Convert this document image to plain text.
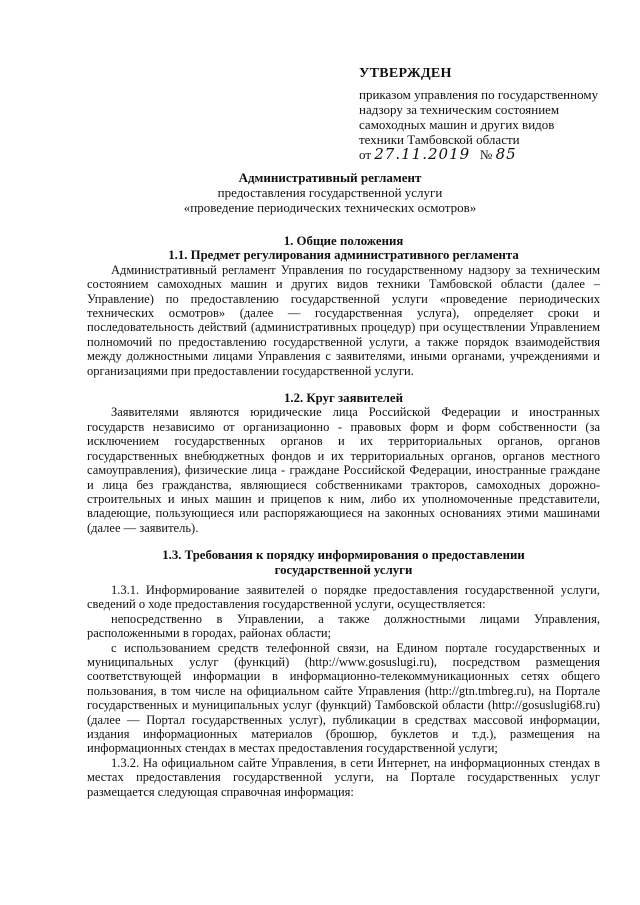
УТВЕРЖДЕН
приказом управления по государственному
надзору за техническим состоянием
самоходных машин и других видов
техники Тамбовской области
от 27.11.2019 № 85
Административный регламент
предоставления государственной услуги
«проведение периодических технических осмотров»
1. Общие положения
1.1. Предмет регулирования административного регламента

Административный регламент Управления по государственному надзору за техническим состоянием самоходных машин и других видов техники Тамбовской области (далее – Управление) по предоставлению государственной услуги «проведение периодических технических осмотров» (далее — государственная услуга), определяет сроки и последовательность действий (административных процедур) при осуществлении Управлением полномочий по предоставлению государственной услуги, а также порядок взаимодействия между должностными лицами Управления с заявителями, иными органами, учреждениями и организациями при предоставлении государственной услуги.

1.2. Круг заявителей

Заявителями являются юридические лица Российской Федерации и иностранных государств независимо от организационно - правовых форм и форм собственности (за исключением государственных органов и их территориальных органов, органов государственных внебюджетных фондов и их территориальных органов, органов местного самоуправления), физические лица - граждане Российской Федерации, иностранные граждане и лица без гражданства, являющиеся собственниками тракторов, самоходных дорожно-строительных и иных машин и прицепов к ним, либо их уполномоченные представители, владеющие, пользующиеся или распоряжающиеся на законных основаниях этими машинами (далее — заявитель).

1.3. Требования к порядку информирования о предоставлении государственной услуги

1.3.1. Информирование заявителей о порядке предоставления государственной услуги, сведений о ходе предоставления государственной услуги, осуществляется:

непосредственно в Управлении, а также должностными лицами Управления, расположенными в городах, районах области;

с использованием средств телефонной связи, на Едином портале государственных и муниципальных услуг (функций) (http://www.gosuslugi.ru), посредством размещения соответствующей информации в информационно-телекоммуникационных сетях общего пользования, в том числе на официальном сайте Управления (http://gtn.tmbreg.ru), на Портале государственных и муниципальных услуг (функций) Тамбовской области (http://gosuslugi68.ru) (далее — Портал государственных услуг), публикации в средствах массовой информации, издания информационных материалов (брошюр, буклетов и т.д.), размещения на информационных стендах в местах предоставления государственной услуги;

1.3.2. На официальном сайте Управления, в сети Интернет, на информационных стендах в местах предоставления государственной услуги, на Портале государственных услуг размещается следующая справочная информация:
